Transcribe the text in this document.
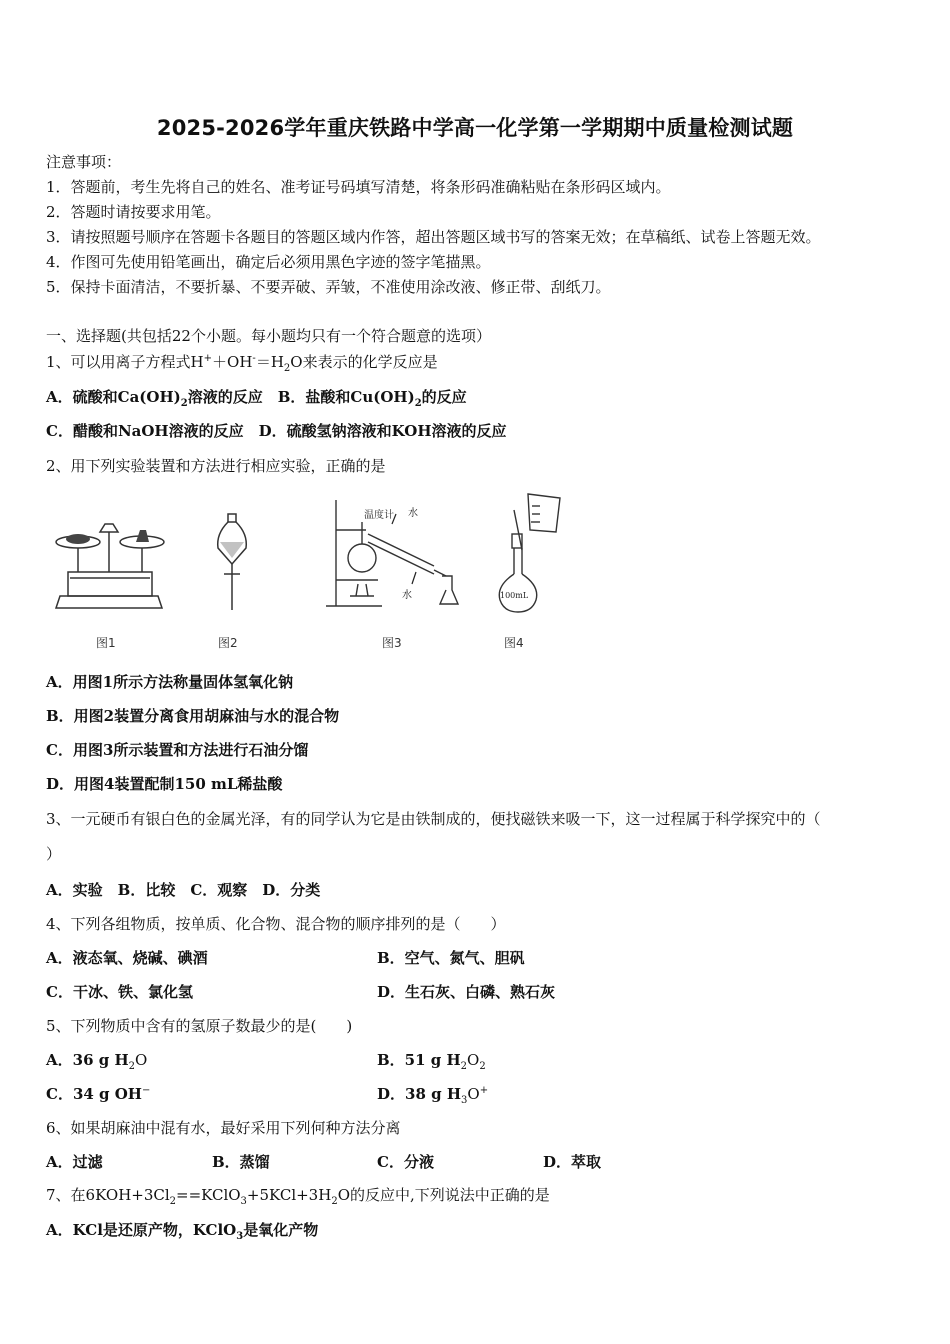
2025-2026学年重庆铁路中学高一化学第一学期期中质量检测试题
注意事项：
1．答题前，考生先将自己的姓名、准考证号码填写清楚，将条形码准确粘贴在条形码区域内。
2．答题时请按要求用笔。
3．请按照题号顺序在答题卡各题目的答题区域内作答，超出答题区域书写的答案无效；在草稿纸、试卷上答题无效。
4．作图可先使用铅笔画出，确定后必须用黑色字迹的签字笔描黑。
5．保持卡面清洁，不要折暴、不要弄破、弄皱，不准使用涂改液、修正带、刮纸刀。
一、选择题(共包括22个小题。每小题均只有一个符合题意的选项）
1、可以用离子方程式$H^++OH^-=H_2O$来表示的化学反应是
A．硫酸和$Ca(OH)_2$溶液的反应　 B．盐酸和$Cu(OH)_2$的反应
C．醋酸和NaOH溶液的反应　 D．硫酸氢钠溶液和KOH溶液的反应
2、用下列实验装置和方法进行相应实验，正确的是
温度计 水
水	100mL
图1	图2	图3	图4
A．用图1所示方法称量固体氢氧化钠
B．用图2装置分离食用胡麻油与水的混合物
C．用图3所示装置和方法进行石油分馏
D．用图4装置配制150 mL稀盐酸
3、一元硬币有银白色的金属光泽，有的同学认为它是由铁制成的，便找磁铁来吸一下，这一过程属于科学探究中的（
）
A．实验　B．比较　C．观察　D．分类
4、下列各组物质，按单质、化合物、混合物的顺序排列的是（　　）
A．液态氧、烧碱、碘酒	B．空气、氮气、胆矾
C．干冰、铁、氯化氢	D．生石灰、白磷、熟石灰
5、下列物质中含有的氢原子数最少的是(　　)
A．36 g $H_2O$	B．51 g $H_2O_2$
C．34 g OH−	D．38 g $H_3O^+$
6、如果胡麻油中混有水，最好采用下列何种方法分离
A．过滤	B．蒸馏	C．分液	D．萃取
7、在$6KOH+3Cl_2==KClO_3+5KCl+3H_2O$的反应中,下列说法中正确的是
A．KCl是还原产物，KClO$_3$是氧化产物
